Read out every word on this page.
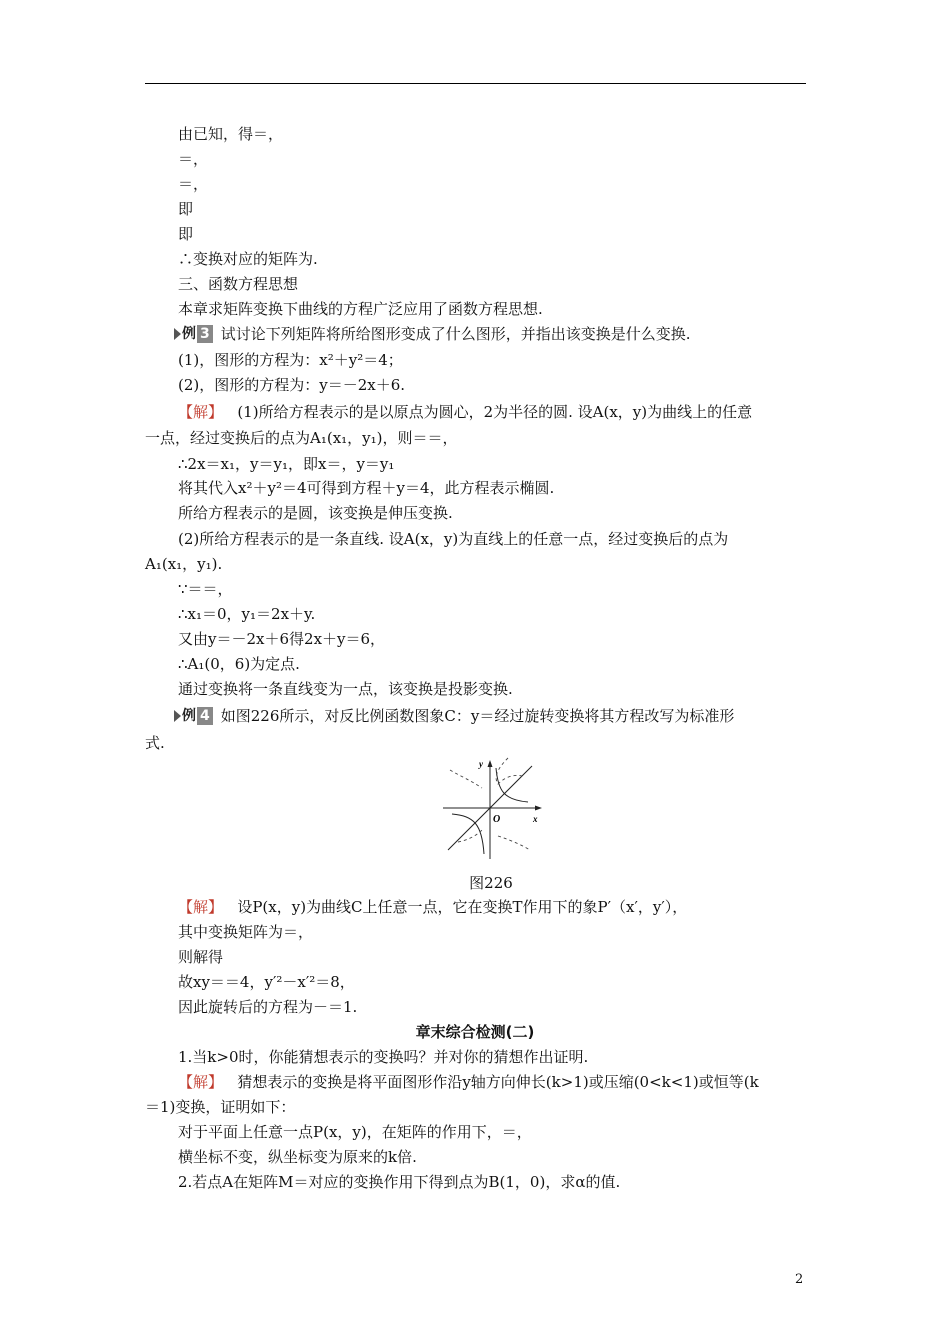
由已知，得＝，
＝，
＝，
即
即
∴变换对应的矩阵为.
三、函数方程思想
本章求矩阵变换下曲线的方程广泛应用了函数方程思想.
例 3 试讨论下列矩阵将所给图形变成了什么图形，并指出该变换是什么变换.
(1)，图形的方程为：x²＋y²＝4；
(2)，图形的方程为：y＝－2x＋6.
【解】 (1)所给方程表示的是以原点为圆心，2为半径的圆. 设A(x，y)为曲线上的任意
一点，经过变换后的点为A₁(x₁，y₁)，则＝＝，
∴2x＝x₁，y＝y₁，即x＝，y＝y₁
将其代入x²＋y²＝4可得到方程＋y＝4，此方程表示椭圆.
所给方程表示的是圆，该变换是伸压变换.
(2)所给方程表示的是一条直线. 设A(x，y)为直线上的任意一点，经过变换后的点为
A₁(x₁，y₁).
∵＝＝，
∴x₁＝0，y₁＝2x＋y.
又由y＝－2x＋6得2x＋y＝6，
∴A₁(0，6)为定点.
通过变换将一条直线变为一点，该变换是投影变换.
例 4 如图226所示，对反比例函数图象C：y＝经过旋转变换将其方程改写为标准形
式.
y
x
O
图226
【解】 设P(x，y)为曲线C上任意一点，它在变换T作用下的象P′（x′，y′），
其中变换矩阵为＝，
则解得
故xy＝＝4，y′²－x′²＝8，
因此旋转后的方程为－＝1.
章末综合检测(二)
1.当k>0时，你能猜想表示的变换吗？并对你的猜想作出证明.
【解】 猜想表示的变换是将平面图形作沿y轴方向伸长(k>1)或压缩(0<k<1)或恒等(k
＝1)变换，证明如下：
对于平面上任意一点P(x，y)，在矩阵的作用下，＝，
横坐标不变，纵坐标变为原来的k倍.
2.若点A在矩阵M＝对应的变换作用下得到点为B(1，0)，求α的值.
2
